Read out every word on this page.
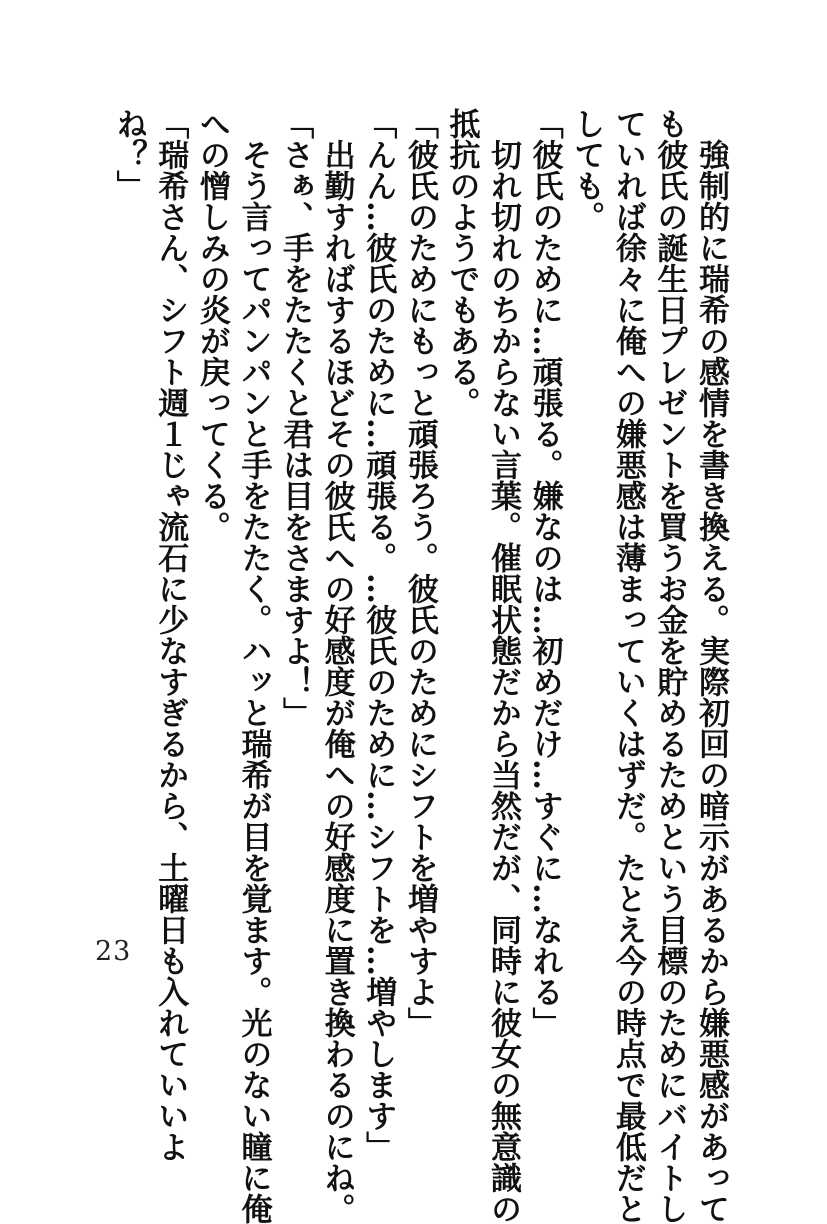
　強制的に瑞希の感情を書き換える。実際初回の暗示があるから嫌悪感があって
も彼氏の誕生日プレゼントを買うお金を貯めるためという目標のためにバイトし
ていれば徐々に俺への嫌悪感は薄まっていくはずだ。たとえ今の時点で最低だと
しても。
「彼氏のために…頑張る。嫌なのは…初めだけ…すぐに…なれる」
　切れ切れのちからない言葉。催眠状態だから当然だが、同時に彼女の無意識の
抵抗のようでもある。
「彼氏のためにもっと頑張ろう。彼氏のためにシフトを増やすよ」
「んん…彼氏のために…頑張る。…彼氏のために…シフトを…増やします」
　出勤すればするほどその彼氏への好感度が俺への好感度に置き換わるのにね。
「さぁ、手をたたくと君は目をさますよ！」
　そう言ってパンパンと手をたたく。ハッと瑞希が目を覚ます。光のない瞳に俺
への憎しみの炎が戻ってくる。
「瑞希さん、シフト週１じゃ流石に少なすぎるから、土曜日も入れていいよ
ね？」
23
